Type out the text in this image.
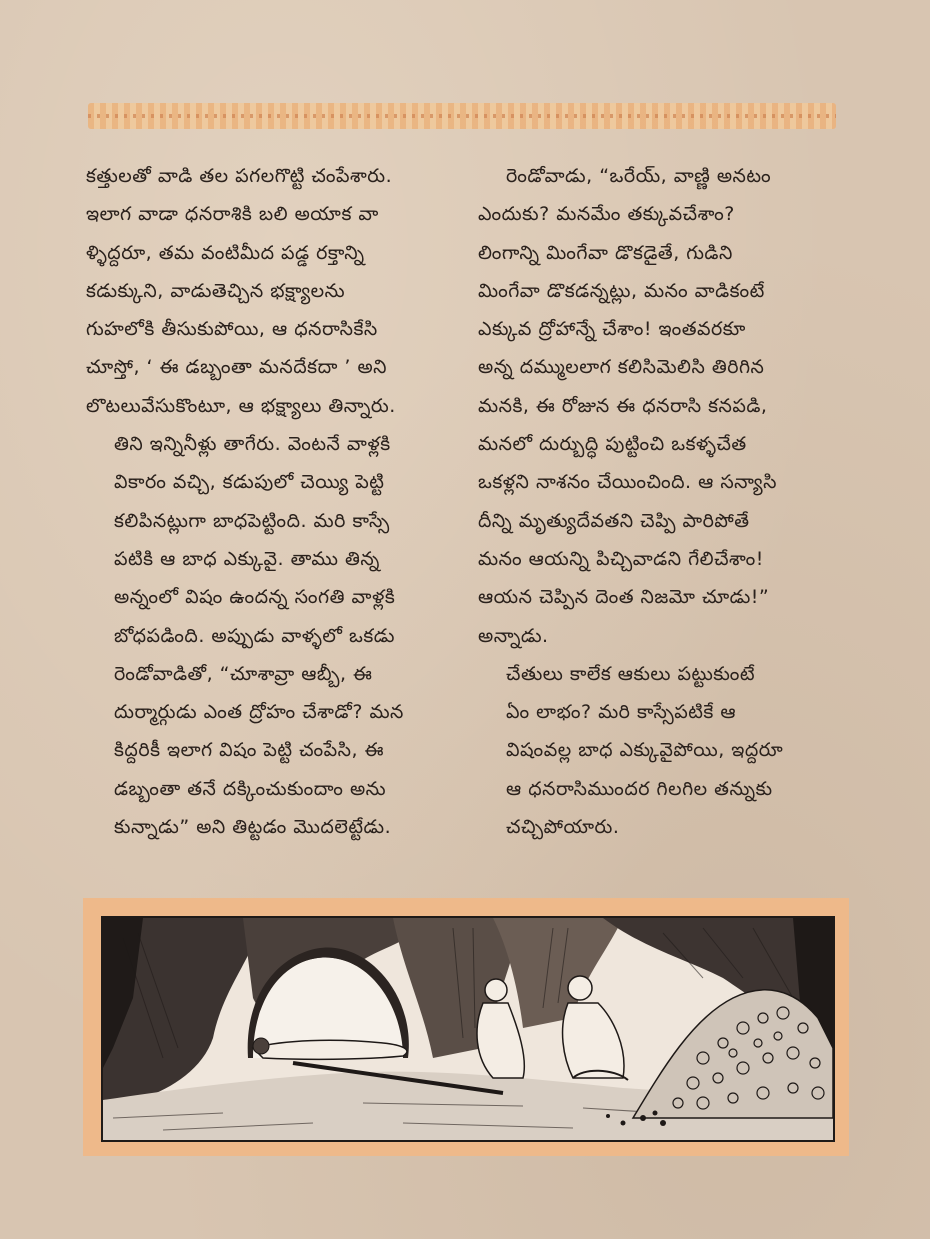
కత్తులతో వాడి తల పగలగొట్టి చంపేశారు.
ఇలాగ వాడా ధనరాశికి బలి అయాక వా
ళ్ళిద్దరూ, తమ వంటిమీద పడ్డ రక్తాన్ని
కడుక్కుని, వాడుతెచ్చిన భక్ష్యాలను
గుహలోకి తీసుకుపోయి, ఆ ధనరాసికేసి
చూస్తో, ‘ ఈ డబ్బంతా మనదేకదా ’ అని
లొటలువేసుకొంటూ, ఆ భక్ష్యాలు తిన్నారు.

తిని ఇన్నినీళ్లు తాగేరు. వెంటనే వాళ్లకి
వికారం వచ్చి, కడుపులో చెయ్యి పెట్టి
కలిపినట్లుగా బాధపెట్టింది. మరి కాస్సే
పటికి ఆ బాధ ఎక్కువై. తాము తిన్న
అన్నంలో విషం ఉందన్న సంగతి వాళ్లకి
బోధపడింది. అప్పుడు వాళ్ళలో ఒకడు
రెండోవాడితో, “చూశావ్రా ఆబ్బీ, ఈ
దుర్మార్గుడు ఎంత ద్రోహం చేశాడో? మన
కిద్దరికీ ఇలాగ విషం పెట్టి చంపేసి, ఈ
డబ్బంతా తనే దక్కించుకుందాం అను
కున్నాడు” అని తిట్టడం మొదలెట్టేడు.

రెండోవాడు, “ఒరేయ్, వాణ్ణి అనటం
ఎందుకు? మనమేం తక్కువచేశాం?
లింగాన్ని మింగేవా డొకడైతే, గుడిని
మింగేవా డొకడన్నట్లు, మనం వాడికంటే
ఎక్కువ ద్రోహాన్నే చేశాం! ఇంతవరకూ
అన్న దమ్ములలాగ కలిసిమెలిసి తిరిగిన
మనకి, ఈ రోజున ఈ ధనరాసి కనపడి,
మనలో దుర్బుద్ధి పుట్టించి ఒకళ్ళచేత
ఒకళ్లని నాశనం చేయించింది. ఆ సన్యాసి
దీన్ని మృత్యుదేవతని చెప్పి పారిపోతే
మనం ఆయన్ని పిచ్చివాడని గేలిచేశాం!
ఆయన చెప్పిన దెంత నిజమో చూడు!”
అన్నాడు.

చేతులు కాలేక ఆకులు పట్టుకుంటే
ఏం లాభం? మరి కాస్సేపటికే ఆ
విషంవల్ల బాధ ఎక్కువైపోయి, ఇద్దరూ
ఆ ధనరాసిముందర గిలగిల తన్నుకు
చచ్చిపోయారు.
